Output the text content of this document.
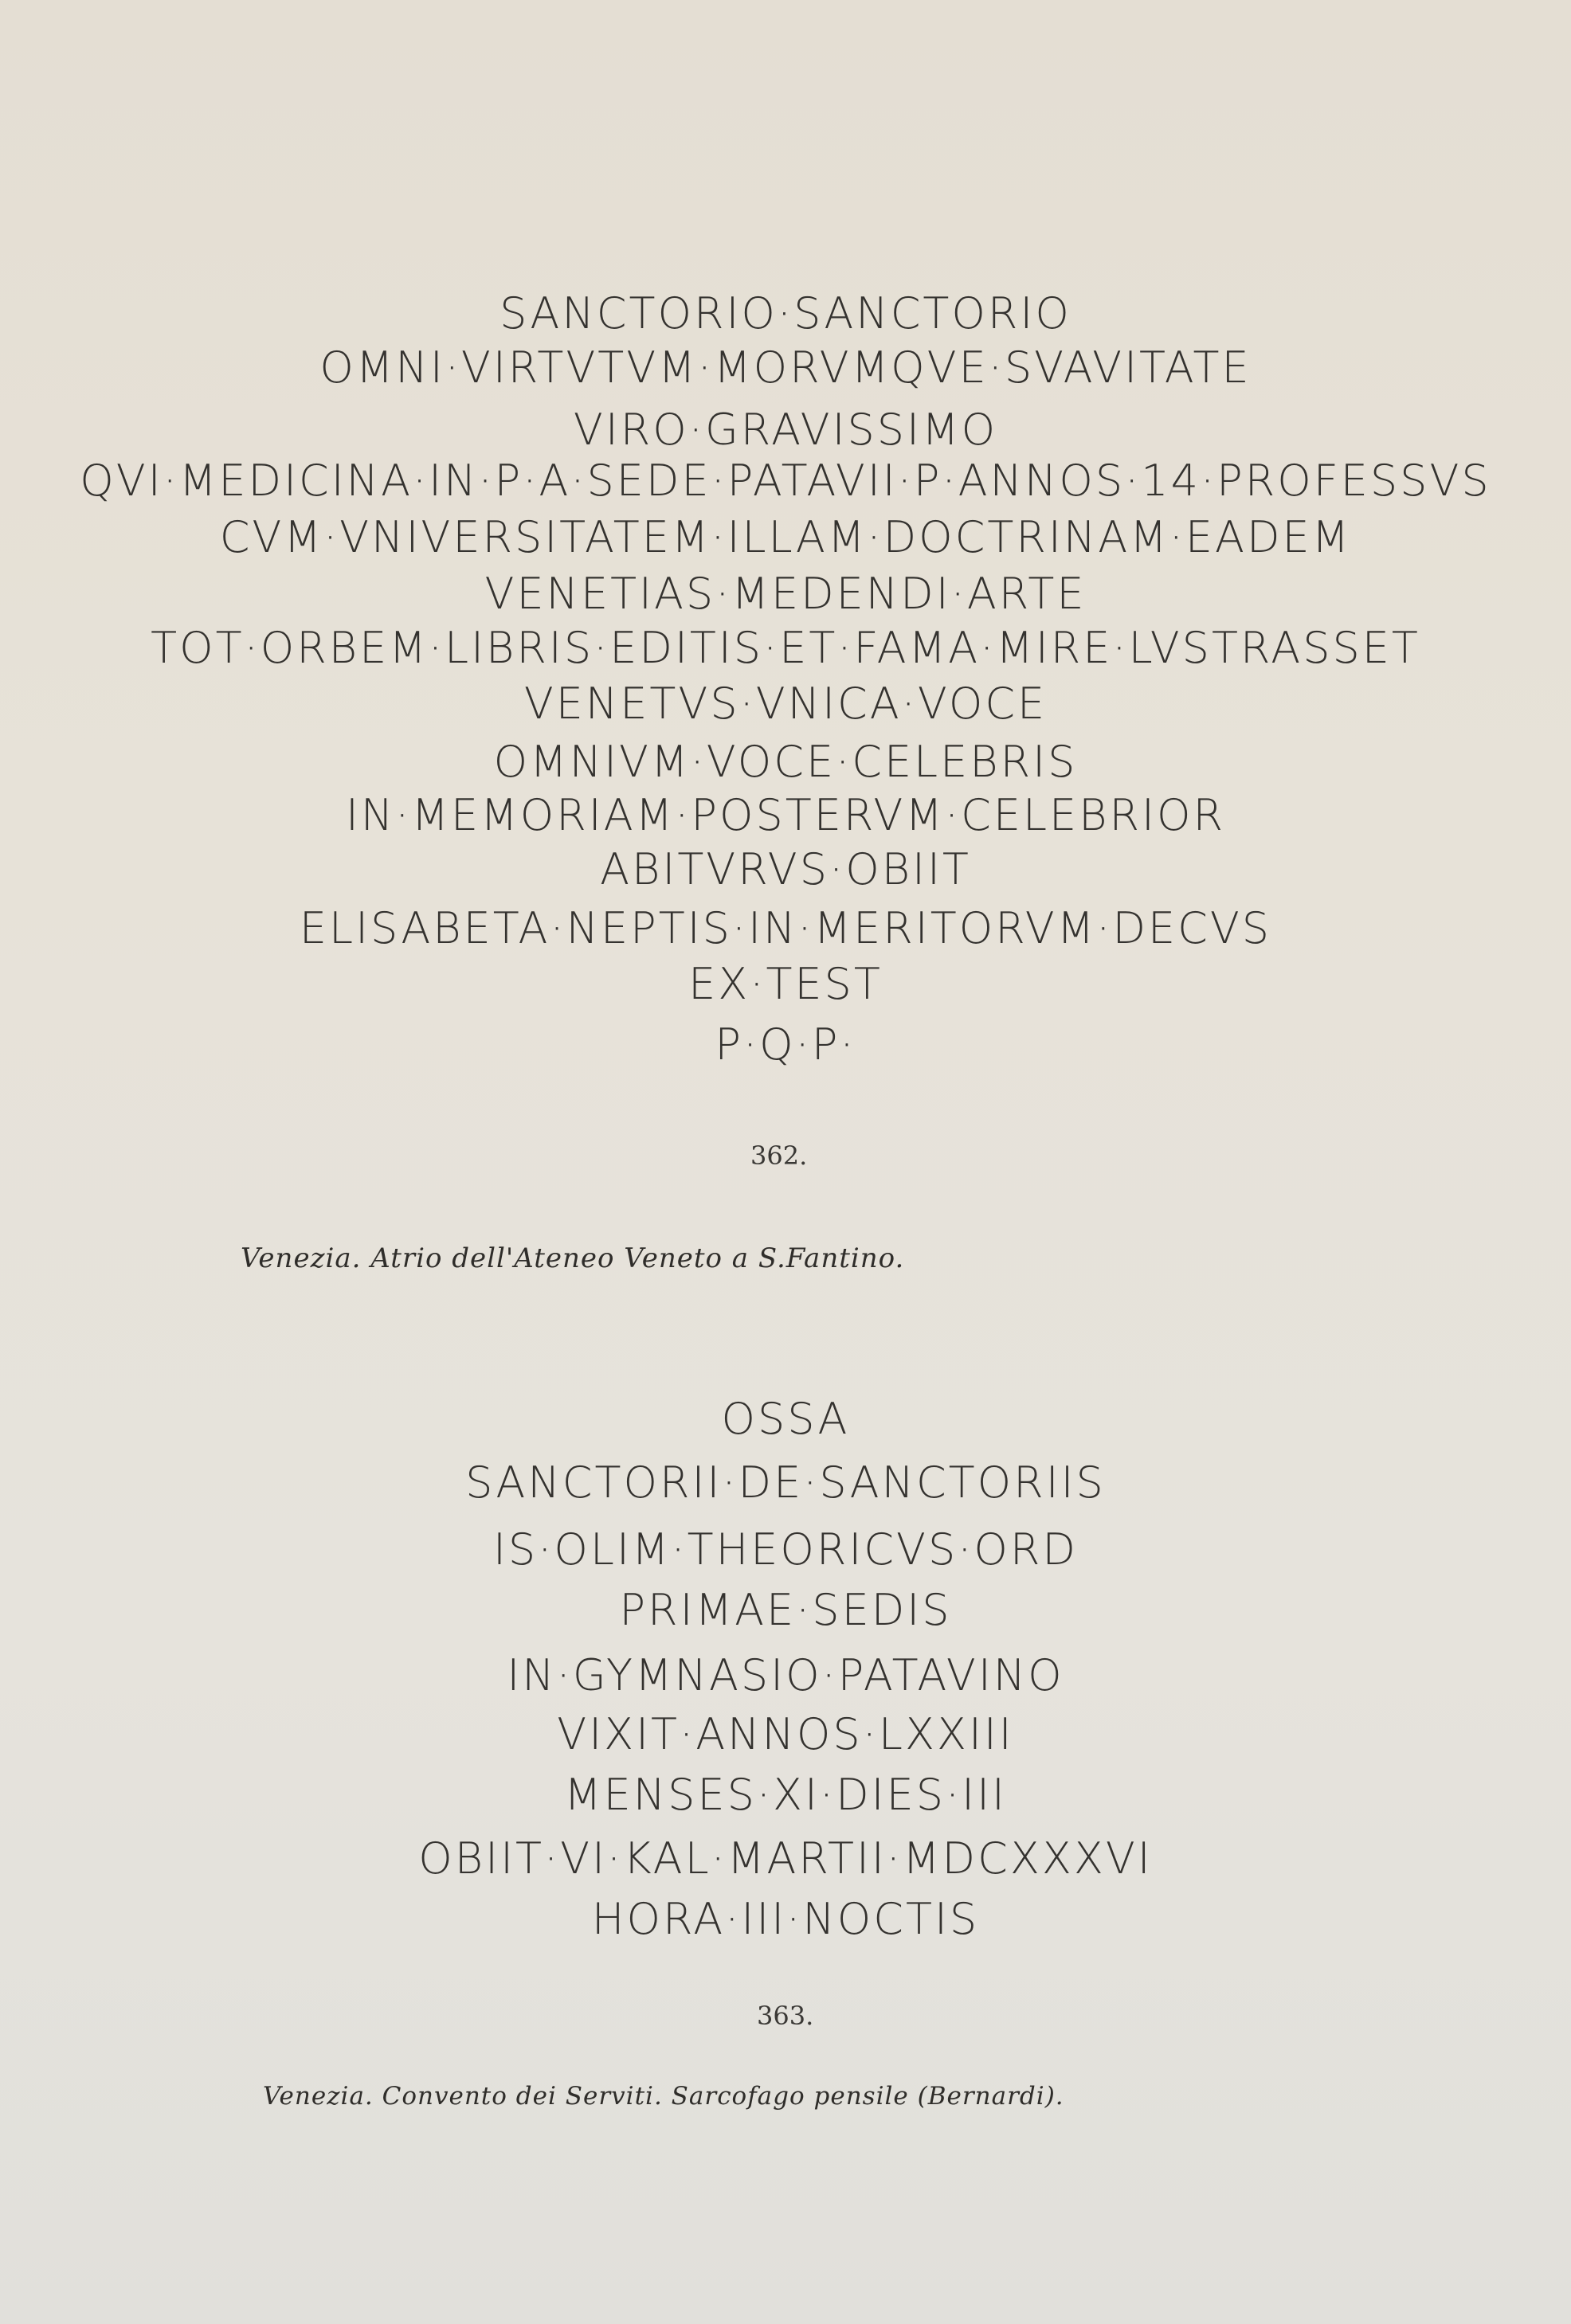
SANCTORIO·SANCTORIO
OMNI·VIRTVTVM·MORVMQVE·SVAVITATE
VIRO·GRAVISSIMO
QVI·MEDICINA·IN·P·A·SEDE·PATAVII·P·ANNOS·14·PROFESSVS
CVM·VNIVERSITATEM·ILLAM·DOCTRINAM·EADEM
VENETIAS·MEDENDI·ARTE
TOT·ORBEM·LIBRIS·EDITIS·ET·FAMA·MIRE·LVSTRASSET
VENETVS·VNICA·VOCE
OMNIVM·VOCE·CELEBRIS
IN·MEMORIAM·POSTERVM·CELEBRIOR
ABITVRVS·OBIIT
ELISABETA·NEPTIS·IN·MERITORVM·DECVS
EX·TEST
P·Q·P·
362.
Venezia. Atrio dell'Ateneo Veneto a S.Fantino.
OSSA
SANCTORII·DE·SANCTORIIS
IS·OLIM·THEORICVS·ORD
PRIMAE·SEDIS
IN·GYMNASIO·PATAVINO
VIXIT·ANNOS·LXXIII
MENSES·XI·DIES·III
OBIIT·VI·KAL·MARTII·MDCXXXVI
HORA·III·NOCTIS
363.
Venezia. Convento dei Serviti. Sarcofago pensile (Bernardi).
